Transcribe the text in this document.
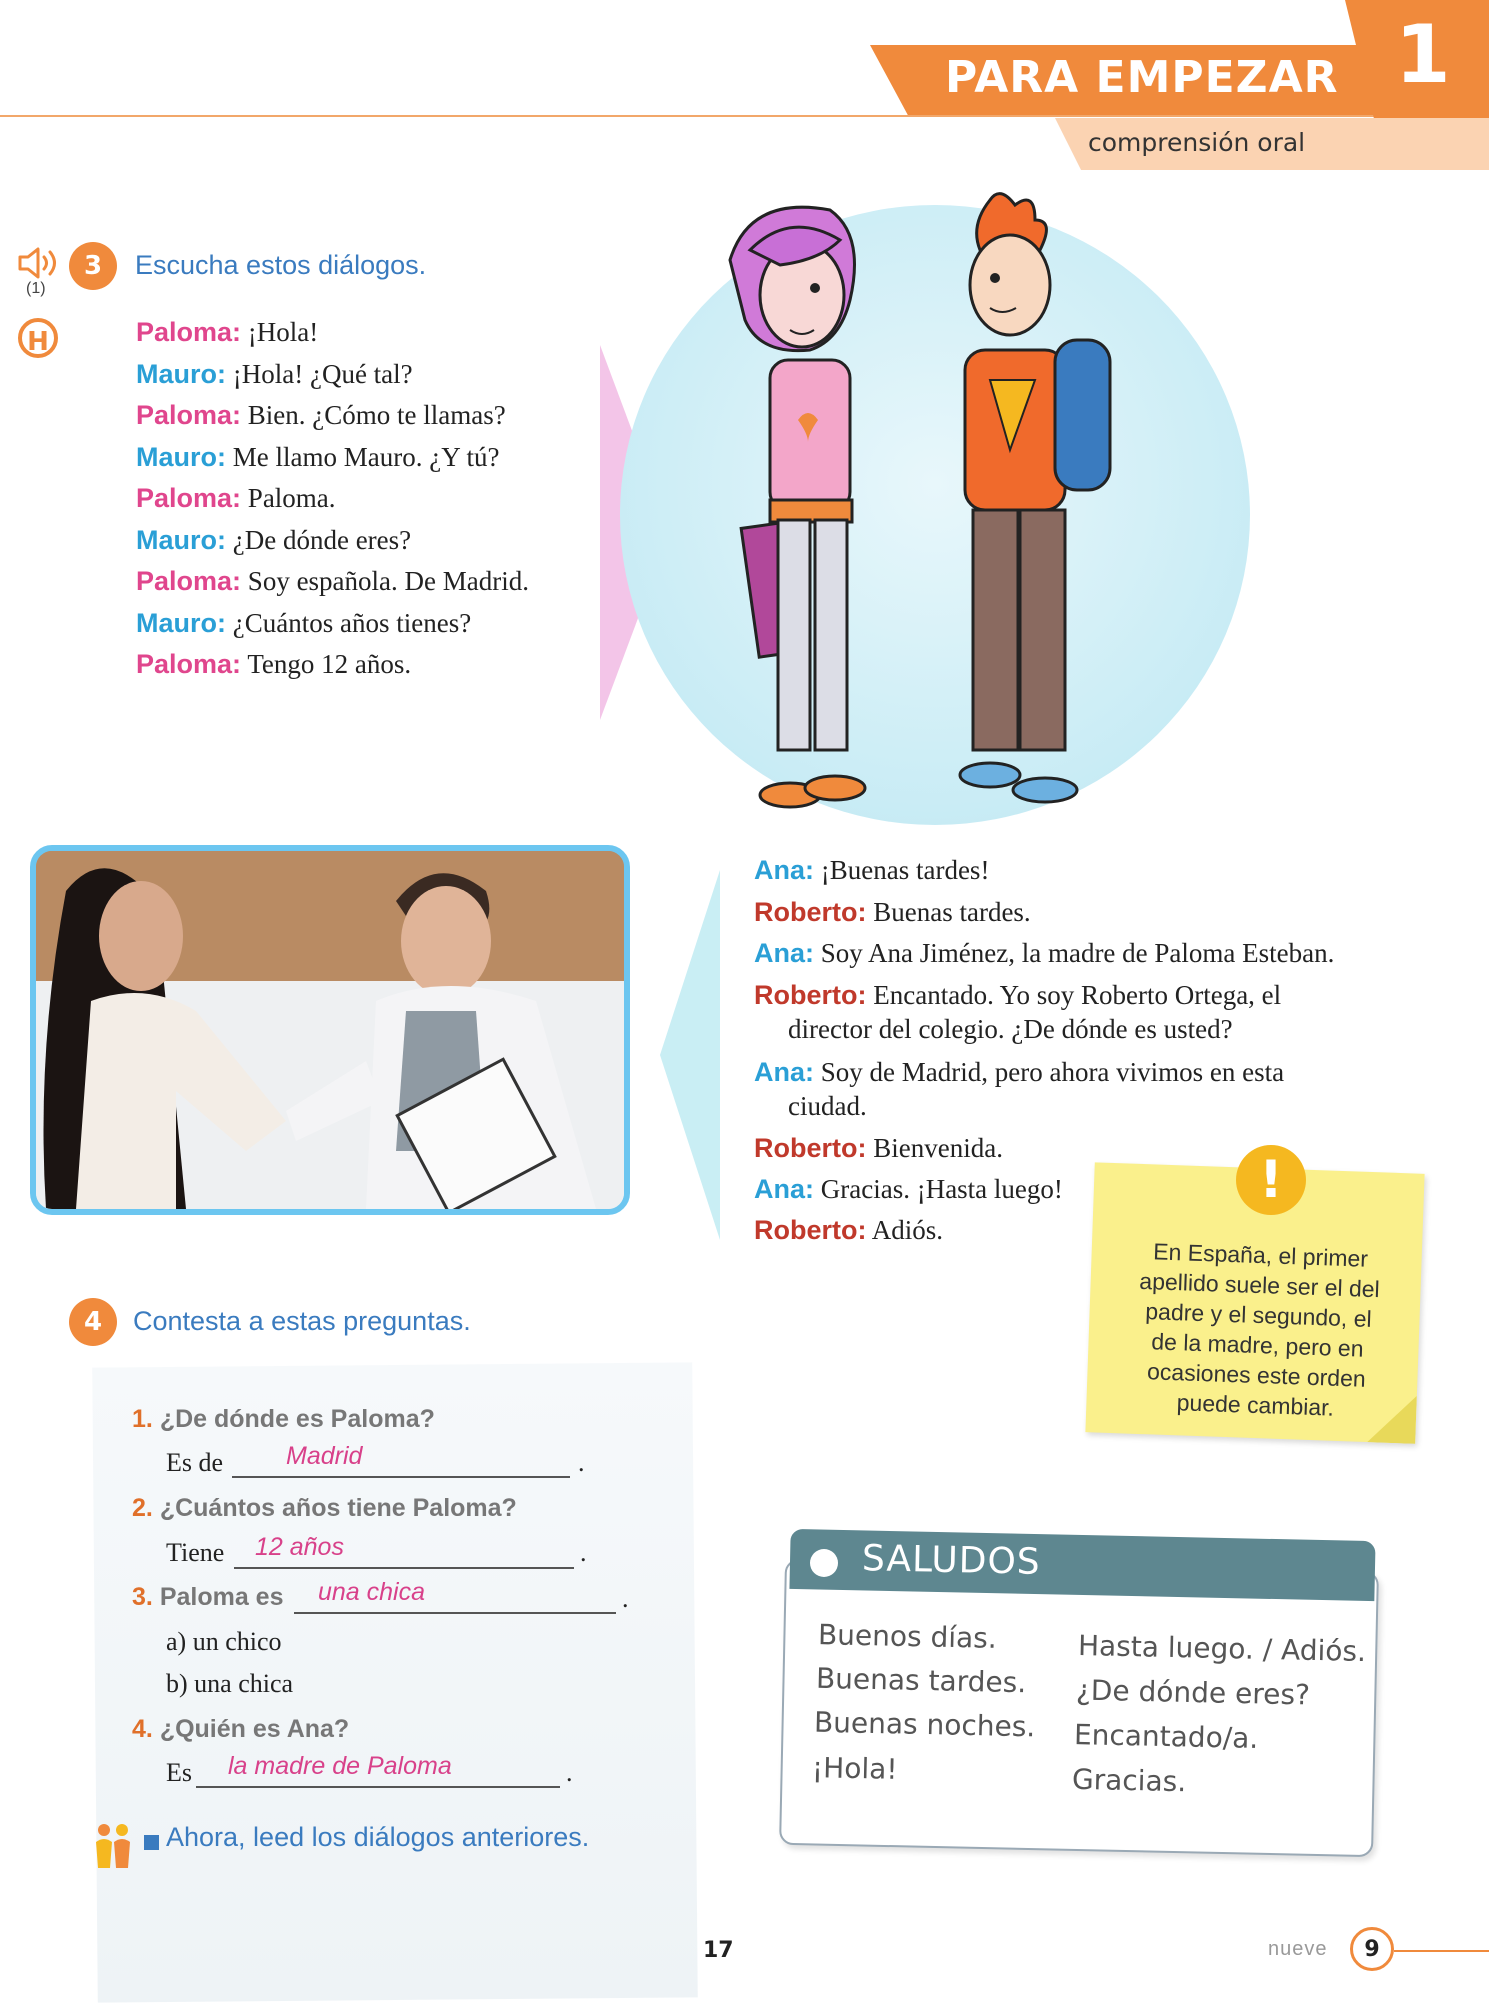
PARA EMPEZAR 1
comprensión oral
(1)
H
3	Escucha estos diálogos.
Paloma: ¡Hola!
Mauro: ¡Hola! ¿Qué tal?
Paloma: Bien. ¿Cómo te llamas?
Mauro: Me llamo Mauro. ¿Y tú?
Paloma: Paloma.
Mauro: ¿De dónde eres?
Paloma: Soy española. De Madrid.
Mauro: ¿Cuántos años tienes?
Paloma: Tengo 12 años.
Ana: ¡Buenas tardes!
Roberto: Buenas tardes.
Ana: Soy Ana Jiménez, la madre de Paloma Esteban.
Roberto: Encantado. Yo soy Roberto Ortega, el
director del colegio. ¿De dónde es usted?
Ana: Soy de Madrid, pero ahora vivimos en esta
ciudad.
Roberto: Bienvenida.
Ana: Gracias. ¡Hasta luego!
Roberto: Adiós.
!
En España, el primer
apellido suele ser el del
padre y el segundo, el
de la madre, pero en
ocasiones este orden
puede cambiar.
4	Contesta a estas preguntas.
1. ¿De dónde es Paloma?
Es de	Madrid	.
2. ¿Cuántos años tiene Paloma?
Tiene 12 años	.
3. Paloma es una chica	.
a) un chico
b) una chica
4. ¿Quién es Ana?
Es la madre de Paloma	.
Ahora, leed los diálogos anteriores.
SALUDOS
Buenos días.
Buenas tardes.
Buenas noches.
¡Hola!
Hasta luego. / Adiós.
¿De dónde eres?
Encantado/a.
Gracias.
17	nueve	9
